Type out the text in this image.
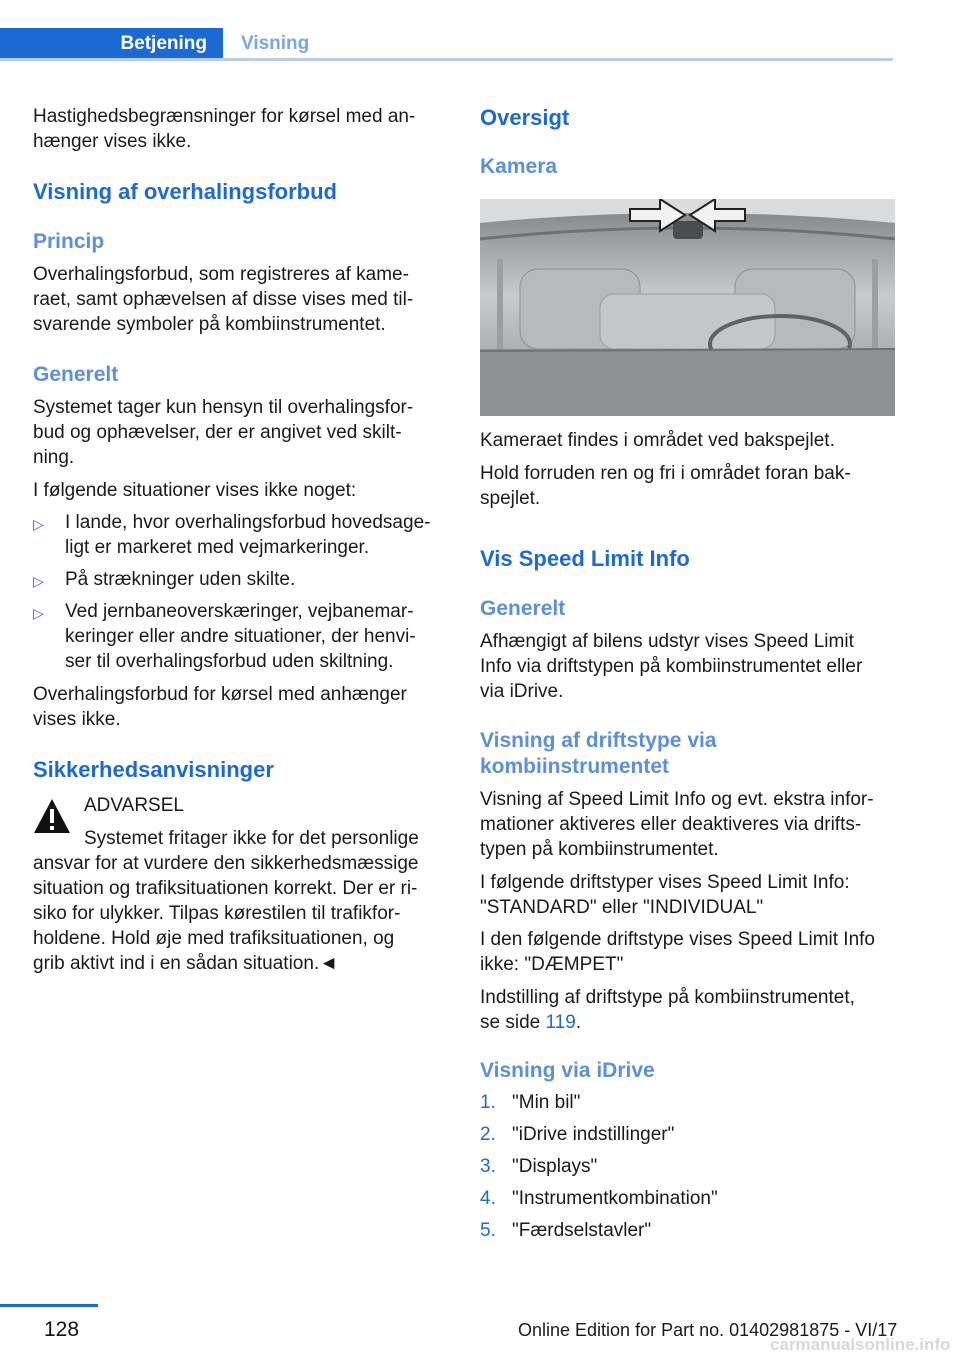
Betjening	Visning

Hastighedsbegrænsninger for kørsel med an-
hænger vises ikke.

Visning af overhalingsforbud
Princip

Overhalingsforbud, som registreres af kame-
raet, samt ophævelsen af disse vises med til-
svarende symboler på kombiinstrumentet.

Generelt

Systemet tager kun hensyn til overhalingsfor-
bud og ophævelser, der er angivet ved skilt-
ning.

I følgende situationer vises ikke noget:

▷ I lande, hvor overhalingsforbud hovedsage-
ligt er markeret med vejmarkeringer.
▷ På strækninger uden skilte.
▷ Ved jernbaneoverskæringer, vejbanemar-
keringer eller andre situationer, der henvi-
ser til overhalingsforbud uden skiltning.

Overhalingsforbud for kørsel med anhænger
vises ikke.

Sikkerhedsanvisninger

ADVARSEL

Systemet fritager ikke for det personlige

ansvar for at vurdere den sikkerhedsmæssige
situation og trafiksituationen korrekt. Der er ri-
siko for ulykker. Tilpas kørestilen til trafikfor-
holdene. Hold øje med trafiksituationen, og
grib aktivt ind i en sådan situation.◄

Oversigt
Kamera

Kameraet findes i området ved bakspejlet.

Hold forruden ren og fri i området foran bak-
spejlet.

Vis Speed Limit Info
Generelt

Afhængigt af bilens udstyr vises Speed Limit
Info via driftstypen på kombiinstrumentet eller
via iDrive.

Visning af driftstype via
kombiinstrumentet

Visning af Speed Limit Info og evt. ekstra infor-
mationer aktiveres eller deaktiveres via drifts-
typen på kombiinstrumentet.

I følgende driftstyper vises Speed Limit Info:
"STANDARD" eller "INDIVIDUAL"

I den følgende driftstype vises Speed Limit Info
ikke: "DÆMPET"

Indstilling af driftstype på kombiinstrumentet,
se side 119.

Visning via iDrive
1. "Min bil"
2. "iDrive indstillinger"
3. "Displays"
4. "Instrumentkombination"
5. "Færdselstavler"
128	Online Edition for Part no. 01402981875 - VI/17
carmanualsonline.info
